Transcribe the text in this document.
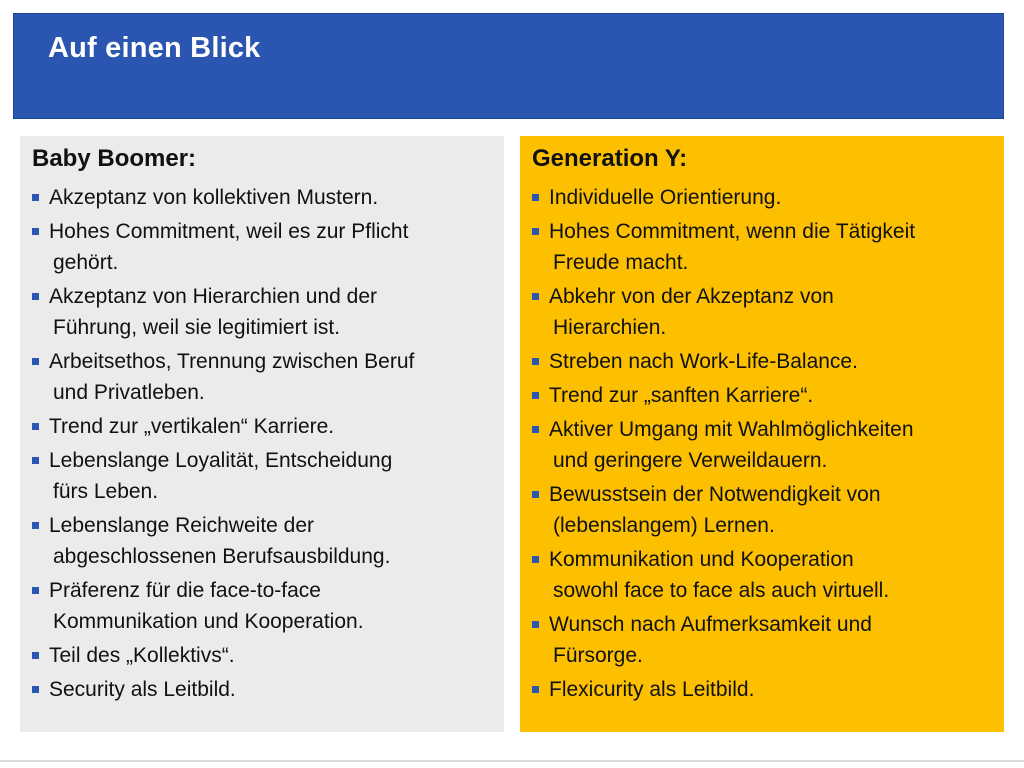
Auf einen Blick
Baby Boomer:
Akzeptanz von kollektiven Mustern.
Hohes Commitment, weil es zur Pflicht
gehört.
Akzeptanz von Hierarchien und der
Führung, weil sie legitimiert ist.
Arbeitsethos, Trennung zwischen Beruf
und Privatleben.
Trend zur „vertikalen“ Karriere.
Lebenslange Loyalität, Entscheidung
fürs Leben.
Lebenslange Reichweite der
abgeschlossenen Berufsausbildung.
Präferenz für die face-to-face
Kommunikation und Kooperation.
Teil des „Kollektivs“.
Security als Leitbild.
Generation Y:
Individuelle Orientierung.
Hohes Commitment, wenn die Tätigkeit
Freude macht.
Abkehr von der Akzeptanz von
Hierarchien.
Streben nach Work-Life-Balance.
Trend zur „sanften Karriere“.
Aktiver Umgang mit Wahlmöglichkeiten
und geringere Verweildauern.
Bewusstsein der Notwendigkeit von
(lebenslangem) Lernen.
Kommunikation und Kooperation
sowohl face to face als auch virtuell.
Wunsch nach Aufmerksamkeit und
Fürsorge.
Flexicurity als Leitbild.
